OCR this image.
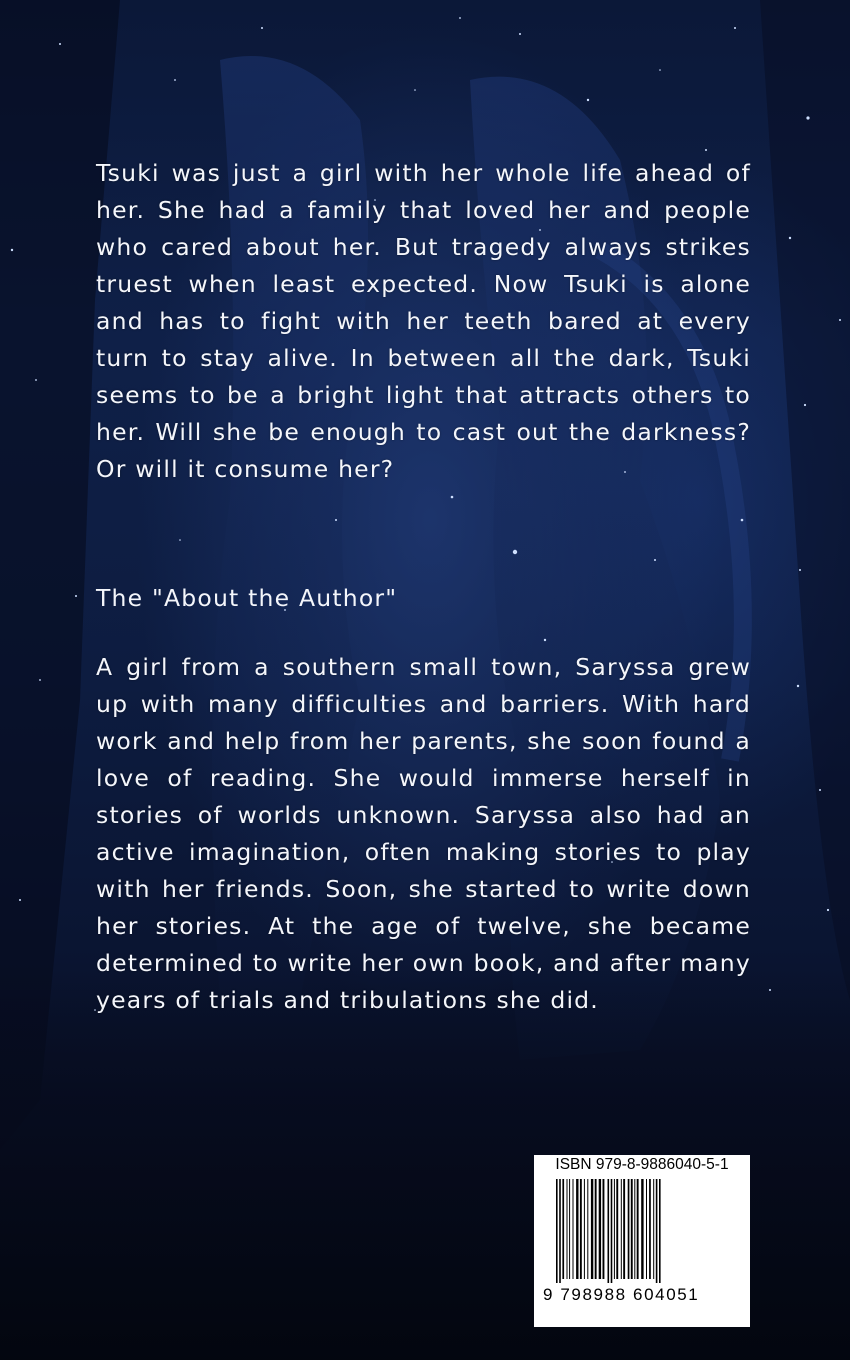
Tsuki was just a girl with her whole life ahead of her. She had a family that loved her and people who cared about her. But tragedy always strikes truest when least expected. Now Tsuki is alone and has to fight with her teeth bared at every turn to stay alive. In between all the dark, Tsuki seems to be a bright light that attracts others to her. Will she be enough to cast out the darkness? Or will it consume her?

The "About the Author"

A girl from a southern small town, Saryssa grew up with many difficulties and barriers. With hard work and help from her parents, she soon found a love of reading. She would immerse herself in stories of worlds unknown. Saryssa also had an active imagination, often making stories to play with her friends. Soon, she started to write down her stories. At the age of twelve, she became determined to write her own book, and after many years of trials and tribulations she did.

ISBN 979-8-9886040-5-1
9 798988 604051
